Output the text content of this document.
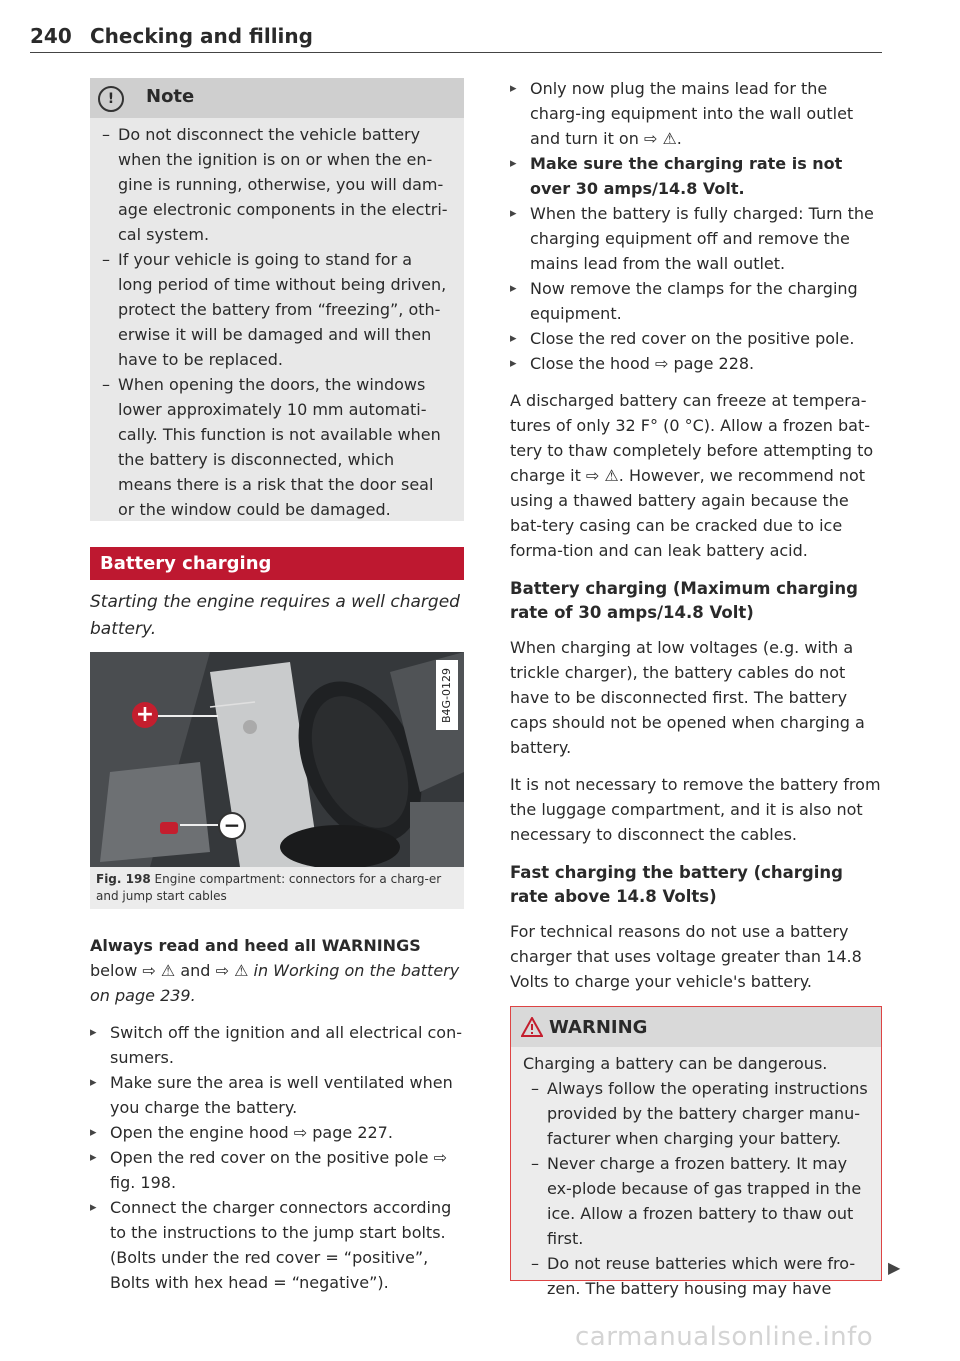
240 Checking and filling
!	Note

– Do not disconnect the vehicle battery when the ignition is on or when the en-gine is running, otherwise, you will dam-age electronic components in the electri-cal system.

– If your vehicle is going to stand for a long period of time without being driven, protect the battery from “freezing”, oth-erwise it will be damaged and will then have to be replaced.

– When opening the doors, the windows lower approximately 10 mm automati-cally. This function is not available when the battery is disconnected, which means there is a risk that the door seal or the window could be damaged.

Battery charging
Starting the engine requires a well charged battery.
+
−
B4G-0129
Fig. 198 Engine compartment: connectors for a charg-er and jump start cables

Always read and heed all WARNINGS below ⇨ ⚠ and ⇨ ⚠ in Working on the battery on page 239.

▸ Switch off the ignition and all electrical con-sumers.

▸ Make sure the area is well ventilated when you charge the battery.

▸ Open the engine hood ⇨ page 227.

▸ Open the red cover on the positive pole ⇨ fig. 198.

▸ Connect the charger connectors according to the instructions to the jump start bolts. (Bolts under the red cover = “positive”, Bolts with hex head = “negative”).

▸ Only now plug the mains lead for the charg-ing equipment into the wall outlet and turn it on ⇨ ⚠.

▸ Make sure the charging rate is not over 30 amps/14.8 Volt.

▸ When the battery is fully charged: Turn the charging equipment off and remove the mains lead from the wall outlet.

▸ Now remove the clamps for the charging equipment.

▸ Close the red cover on the positive pole.

▸ Close the hood ⇨ page 228.

A discharged battery can freeze at tempera-tures of only 32 F° (0 °C). Allow a frozen bat-tery to thaw completely before attempting to charge it ⇨ ⚠. However, we recommend not using a thawed battery again because the bat-tery casing can be cracked due to ice forma-tion and can leak battery acid.

Battery charging (Maximum charging rate of 30 amps/14.8 Volt)

When charging at low voltages (e.g. with a trickle charger), the battery cables do not have to be disconnected first. The battery caps should not be opened when charging a battery.

It is not necessary to remove the battery from the luggage compartment, and it is also not necessary to disconnect the cables.

Fast charging the battery (charging rate above 14.8 Volts)

For technical reasons do not use a battery charger that uses voltage greater than 14.8 Volts to charge your vehicle's battery.

WARNING

Charging a battery can be dangerous.

– Always follow the operating instructions provided by the battery charger manu-facturer when charging your battery.

– Never charge a frozen battery. It may ex-plode because of gas trapped in the ice. Allow a frozen battery to thaw out first.

– Do not reuse batteries which were fro-zen. The battery housing may have

▶
carmanualsonline.info
